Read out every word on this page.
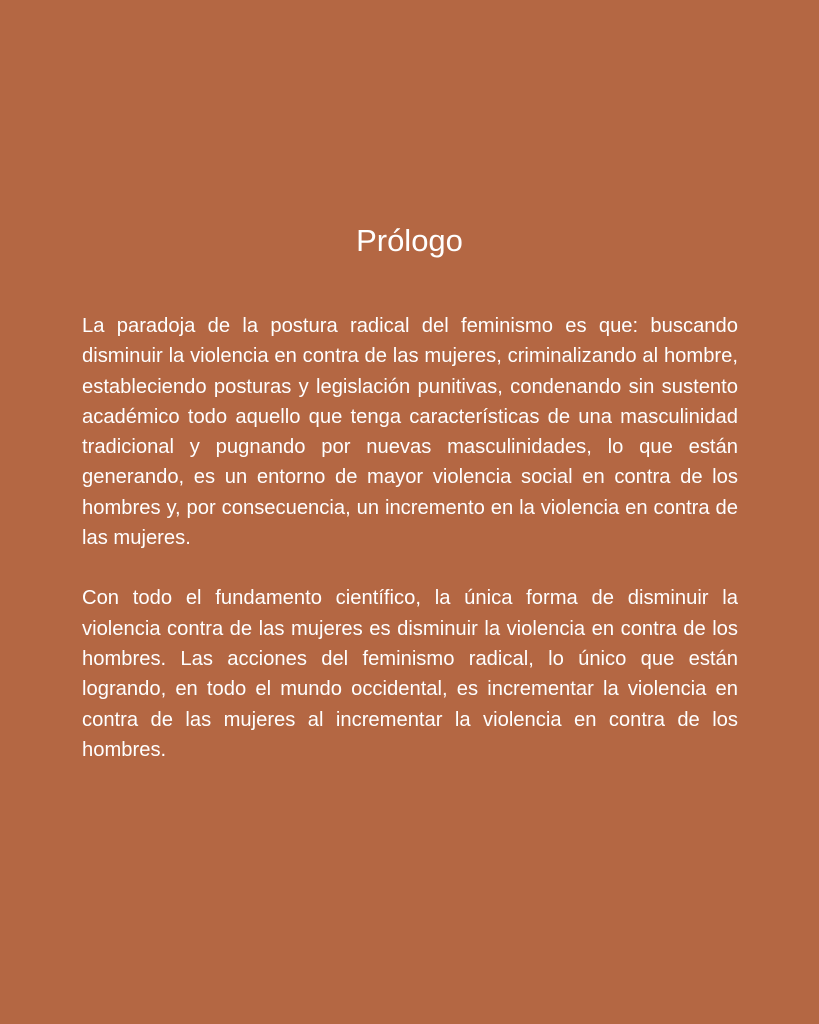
Prólogo

La paradoja de la postura radical del feminismo es que: buscando disminuir la violencia en contra de las mujeres, criminalizando al hombre, estableciendo posturas y legislación punitivas, condenando sin sustento académico todo aquello que tenga características de una masculinidad tradicional y pugnando por nuevas masculinidades, lo que están generando, es un entorno de mayor violencia social en contra de los hombres y, por consecuencia, un incremento en la violencia en contra de las mujeres.

Con todo el fundamento científico, la única forma de disminuir la violencia contra de las mujeres es disminuir la violencia en contra de los hombres. Las acciones del feminismo radical, lo único que están logrando, en todo el mundo occidental, es incrementar la violencia en contra de las mujeres al incrementar la violencia en contra de los hombres.
